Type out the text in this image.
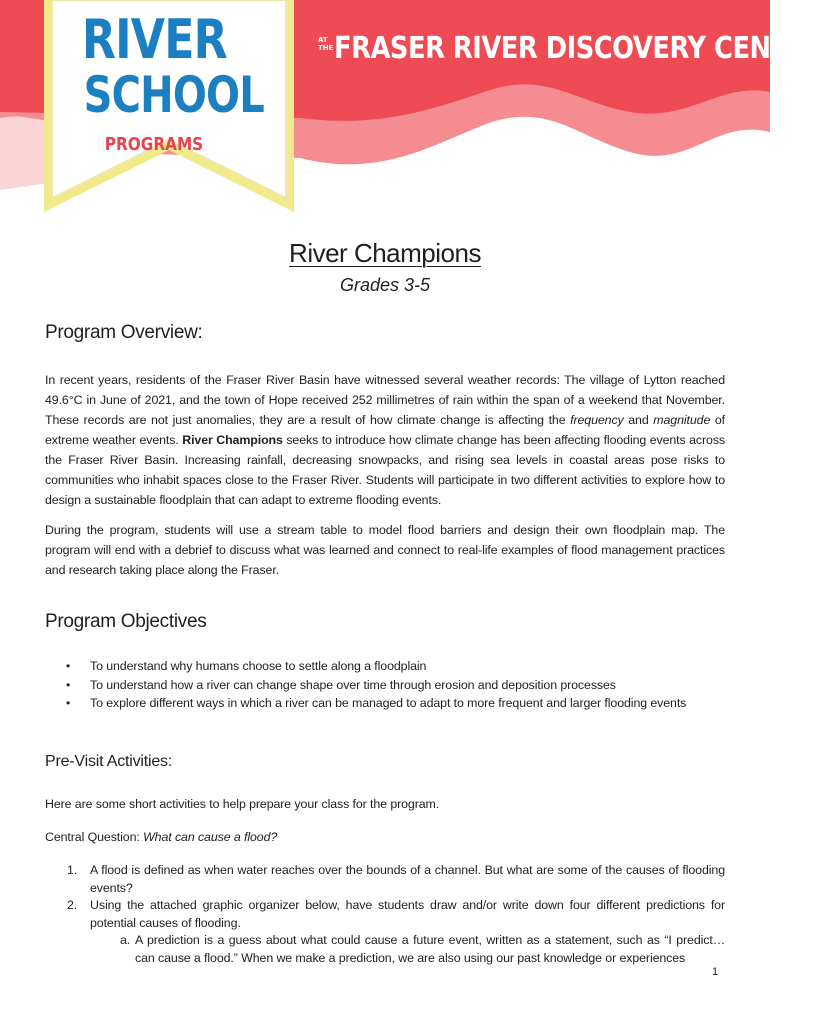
AT THE FRASER RIVER DISCOVERY CENTRE
RIVER
SCHOOL
PROGRAMS
River Champions
Grades 3-5
Program Overview:

In recent years, residents of the Fraser River Basin have witnessed several weather records: The village of Lytton reached 49.6°C in June of 2021, and the town of Hope received 252 millimetres of rain within the span of a weekend that November. These records are not just anomalies, they are a result of how climate change is affecting the frequency and magnitude of extreme weather events. River Champions seeks to introduce how climate change has been affecting flooding events across the Fraser River Basin. Increasing rainfall, decreasing snowpacks, and rising sea levels in coastal areas pose risks to communities who inhabit spaces close to the Fraser River. Students will participate in two different activities to explore how to design a sustainable floodplain that can adapt to extreme flooding events.

During the program, students will use a stream table to model flood barriers and design their own floodplain map. The program will end with a debrief to discuss what was learned and connect to real-life examples of flood management practices and research taking place along the Fraser.

Program Objectives
• To understand why humans choose to settle along a floodplain
• To understand how a river can change shape over time through erosion and deposition processes
• To explore different ways in which a river can be managed to adapt to more frequent and larger flooding events
Pre-Visit Activities:

Here are some short activities to help prepare your class for the program.

Central Question: What can cause a flood?

1. A flood is defined as when water reaches over the bounds of a channel. But what are some of the causes of flooding events?
2. Using the attached graphic organizer below, have students draw and/or write down four different predictions for potential causes of flooding.
a. A prediction is a guess about what could cause a future event, written as a statement, such as “I predict… can cause a flood.” When we make a prediction, we are also using our past knowledge or experiences
1
